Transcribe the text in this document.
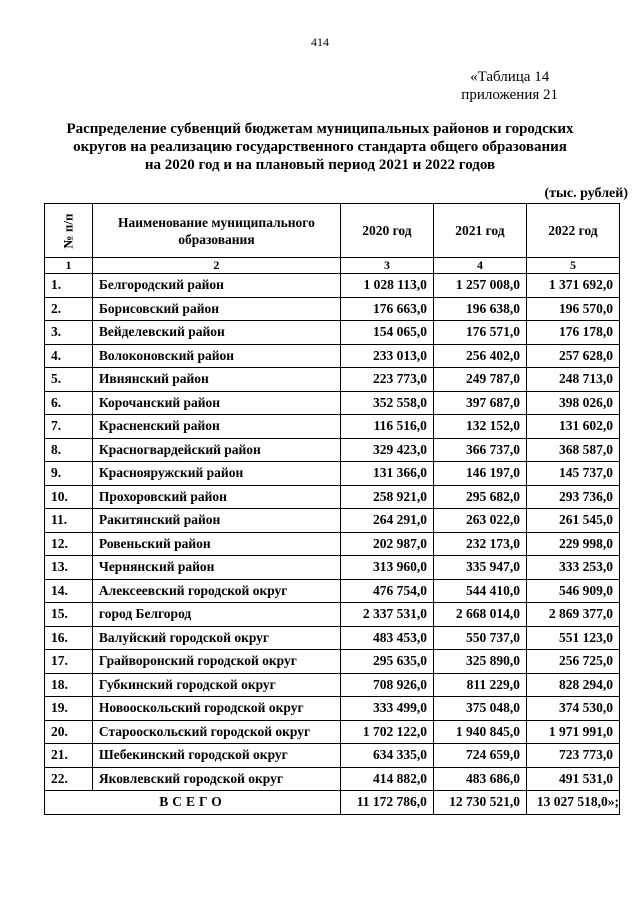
414
«Таблица 14
приложения 21
Распределение субвенций бюджетам муниципальных районов и городских
округов на реализацию государственного стандарта общего образования
на 2020 год и на плановый период 2021 и 2022 годов
(тыс. рублей)
№ п/п	Наименование муниципального образования	2020 год	2021 год	2022 год
1	2	3	4	5
1.	Белгородский район	1 028 113,0	1 257 008,0	1 371 692,0
2.	Борисовский район	176 663,0	196 638,0	196 570,0
3.	Вейделевский район	154 065,0	176 571,0	176 178,0
4.	Волоконовский район	233 013,0	256 402,0	257 628,0
5.	Ивнянский район	223 773,0	249 787,0	248 713,0
6.	Корочанский район	352 558,0	397 687,0	398 026,0
7.	Красненский район	116 516,0	132 152,0	131 602,0
8.	Красногвардейский район	329 423,0	366 737,0	368 587,0
9.	Краснояружский район	131 366,0	146 197,0	145 737,0
10.	Прохоровский район	258 921,0	295 682,0	293 736,0
11.	Ракитянский район	264 291,0	263 022,0	261 545,0
12.	Ровеньский район	202 987,0	232 173,0	229 998,0
13.	Чернянский район	313 960,0	335 947,0	333 253,0
14.	Алексеевский городской округ	476 754,0	544 410,0	546 909,0
15.	город Белгород	2 337 531,0	2 668 014,0	2 869 377,0
16.	Валуйский городской округ	483 453,0	550 737,0	551 123,0
17.	Грайворонский городской округ	295 635,0	325 890,0	256 725,0
18.	Губкинский городской округ	708 926,0	811 229,0	828 294,0
19.	Новооскольский городской округ	333 499,0	375 048,0	374 530,0
20.	Старооскольский городской округ	1 702 122,0	1 940 845,0	1 971 991,0
21.	Шебекинский городской округ	634 335,0	724 659,0	723 773,0
22.	Яковлевский городской округ	414 882,0	483 686,0	491 531,0
ВСЕГО		11 172 786,0	12 730 521,0	13 027 518,0»;
